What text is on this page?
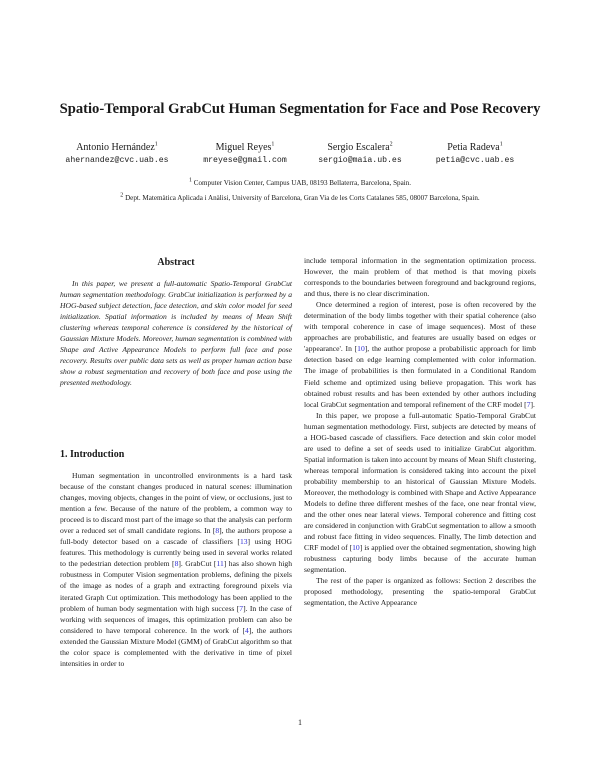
Spatio-Temporal GrabCut Human Segmentation for Face and Pose Recovery
Antonio Hernández$^1$
ahernandez@cvc.uab.es
Miguel Reyes$^1$
mreyese@gmail.com
Sergio Escalera$^2$
sergio@maia.ub.es
Petia Radeva$^1$
petia@cvc.uab.es
$^1$ Computer Vision Center, Campus UAB, 08193 Bellaterra, Barcelona, Spain.
$^2$ Dept. Matemàtica Aplicada i Anàlisi, University of Barcelona, Gran Via de les Corts Catalanes 585, 08007 Barcelona, Spain.
Abstract

In this paper, we present a full-automatic Spatio-Temporal GrabCut human segmentation methodology. GrabCut initialization is performed by a HOG-based subject detection, face detection, and skin color model for seed initialization. Spatial information is included by means of Mean Shift clustering whereas temporal coherence is considered by the historical of Gaussian Mixture Models. Moreover, human segmentation is combined with Shape and Active Appearance Models to perform full face and pose recovery. Results over public data sets as well as proper human action base show a robust segmentation and recovery of both face and pose using the presented methodology.

1. Introduction

Human segmentation in uncontrolled environments is a hard task because of the constant changes produced in natural scenes: illumination changes, moving objects, changes in the point of view, or occlusions, just to mention a few. Because of the nature of the problem, a common way to proceed is to discard most part of the image so that the analysis can perform over a reduced set of small candidate regions. In [8], the authors propose a full-body detector based on a cascade of classifiers [13] using HOG features. This methodology is currently being used in several works related to the pedestrian detection problem [8]. GrabCut [11] has also shown high robustness in Computer Vision segmentation problems, defining the pixels of the image as nodes of a graph and extracting foreground pixels via iterated Graph Cut optimization. This methodology has been applied to the problem of human body segmentation with high success [7]. In the case of working with sequences of images, this optimization problem can also be considered to have temporal coherence. In the work of [4], the authors extended the Gaussian Mixture Model (GMM) of GrabCut algorithm so that the color space is complemented with the derivative in time of pixel intensities in order to

include temporal information in the segmentation optimization process. However, the main problem of that method is that moving pixels corresponds to the boundaries between foreground and background regions, and thus, there is no clear discrimination.

Once determined a region of interest, pose is often recovered by the determination of the body limbs together with their spatial coherence (also with temporal coherence in case of image sequences). Most of these approaches are probabilistic, and features are usually based on edges or 'appearance'. In [10], the author propose a probabilistic approach for limb detection based on edge learning complemented with color information. The image of probabilities is then formulated in a Conditional Random Field scheme and optimized using believe propagation. This work has obtained robust results and has been extended by other authors including local GrabCut segmentation and temporal refinement of the CRF model [7].

In this paper, we propose a full-automatic Spatio-Temporal GrabCut human segmentation methodology. First, subjects are detected by means of a HOG-based cascade of classifiers. Face detection and skin color model are used to define a set of seeds used to initialize GrabCut algorithm. Spatial information is taken into account by means of Mean Shift clustering, whereas temporal information is considered taking into account the pixel probability membership to an historical of Gaussian Mixture Models. Moreover, the methodology is combined with Shape and Active Appearance Models to define three different meshes of the face, one near frontal view, and the other ones near lateral views. Temporal coherence and fitting cost are considered in conjunction with GrabCut segmentation to allow a smooth and robust face fitting in video sequences. Finally, The limb detection and CRF model of [10] is applied over the obtained segmentation, showing high robustness capturing body limbs because of the accurate human segmentation.

The rest of the paper is organized as follows: Section 2 describes the proposed methodology, presenting the spatio-temporal GrabCut segmentation, the Active Appearance

1
